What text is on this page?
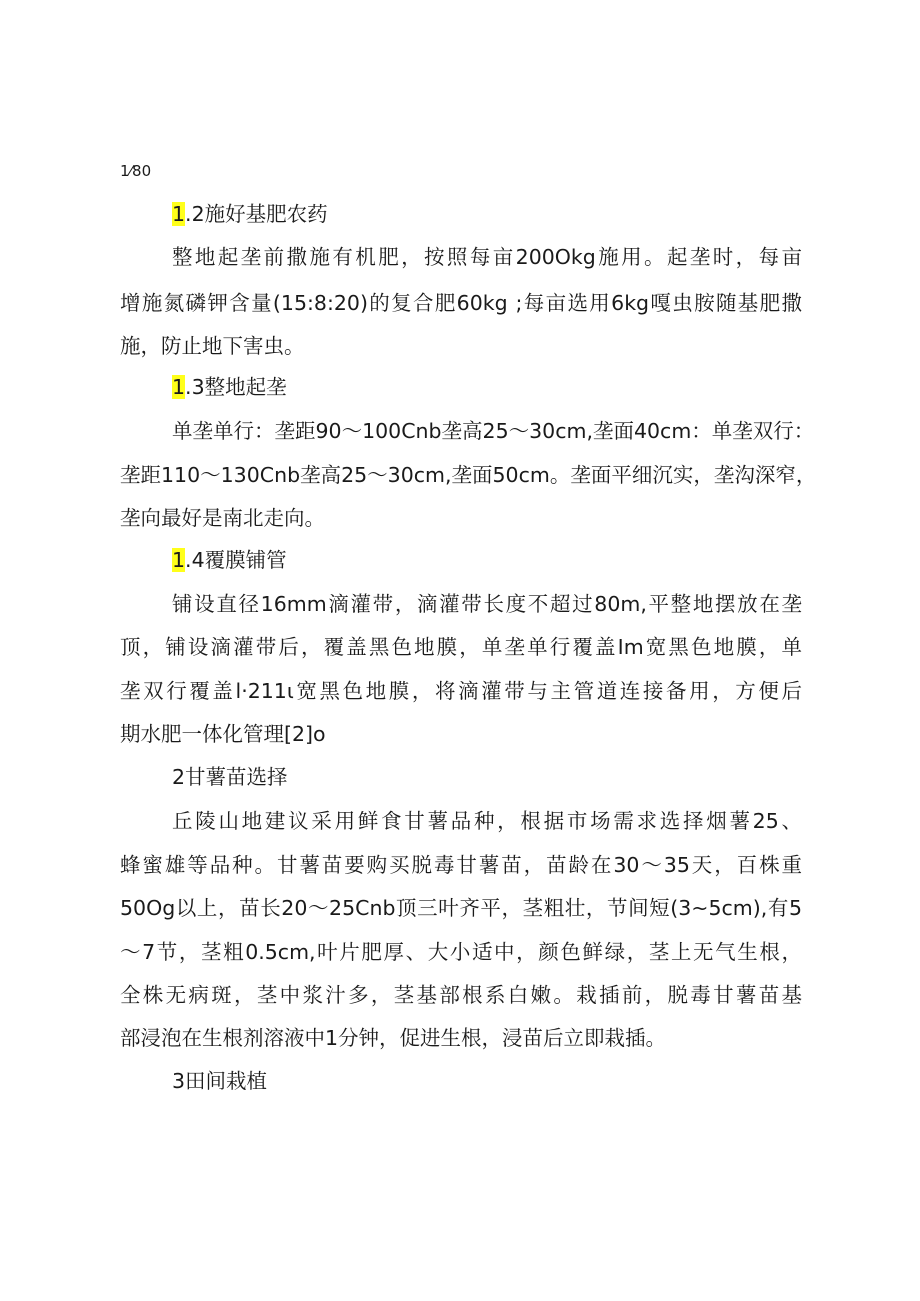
1⁄80
1.2施好基肥农药
整地起垄前撒施有机肥，按照每亩200Okg施用。起垄时，每亩
增施氮磷钾含量(15:8:20)的复合肥60kg ;每亩选用6kg嘎虫胺随基肥撒
施，防止地下害虫。
1.3整地起垄
单垄单行：垄距90〜100Cnb垄高25〜30cm,垄面40cm：单垄双行：
垄距110〜130Cnb垄高25〜30cm,垄面50cm。垄面平细沉实，垄沟深窄，
垄向最好是南北走向。
1.4覆膜铺管
铺设直径16mm滴灌带，滴灌带长度不超过80m,平整地摆放在垄
顶，铺设滴灌带后，覆盖黑色地膜，单垄单行覆盖Im宽黑色地膜，单
垄双行覆盖l·211ι宽黑色地膜，将滴灌带与主管道连接备用，方便后
期水肥一体化管理[2]o
2甘薯苗选择
丘陵山地建议采用鲜食甘薯品种，根据市场需求选择烟薯25、
蜂蜜雄等品种。甘薯苗要购买脱毒甘薯苗，苗龄在30〜35天，百株重
50Og以上，苗长20〜25Cnb顶三叶齐平，茎粗壮，节间短(3~5cm),有5
〜7节，茎粗0.5cm,叶片肥厚、大小适中，颜色鲜绿，茎上无气生根，
全株无病斑，茎中浆汁多，茎基部根系白嫩。栽插前，脱毒甘薯苗基
部浸泡在生根剂溶液中1分钟，促进生根，浸苗后立即栽插。
3田间栽植
